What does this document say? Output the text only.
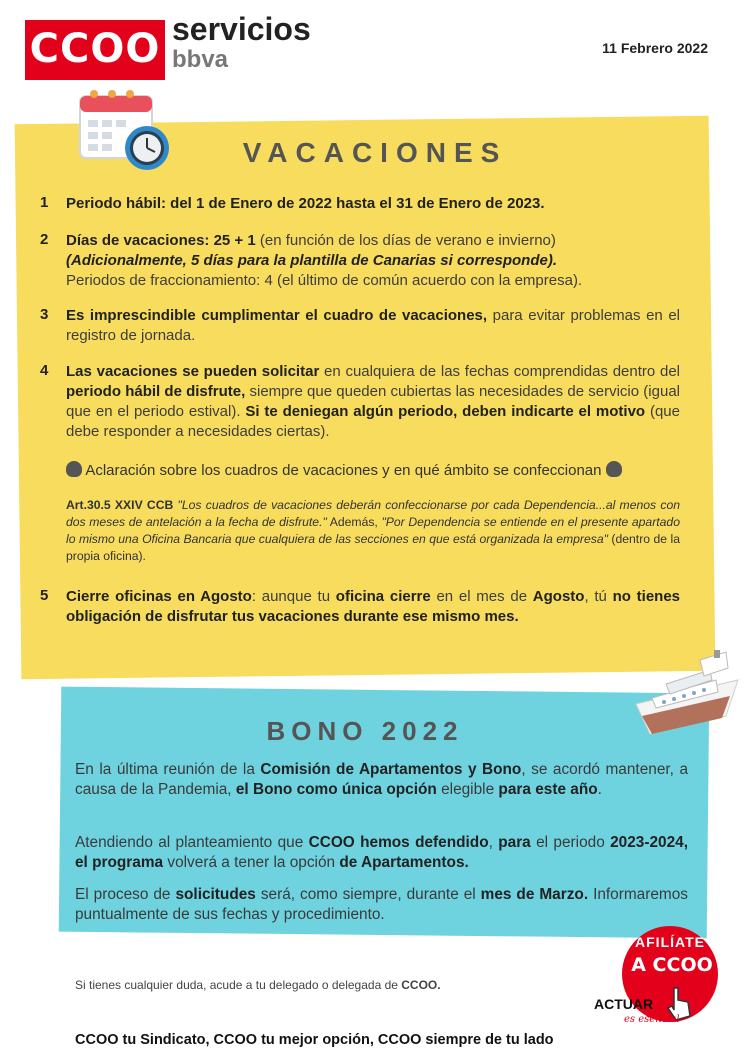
CCOO servicios
bbva	11 Febrero 2022
VACACIONES
1	Periodo hábil: del 1 de Enero de 2022 hasta el 31 de Enero de 2023.
2	Días de vacaciones: 25 + 1 (en función de los días de verano e invierno)
(Adicionalmente, 5 días para la plantilla de Canarias si corresponde).
Periodos de fraccionamiento: 4 (el último de común acuerdo con la empresa).
3	Es imprescindible cumplimentar el cuadro de vacaciones, para evitar problemas en el registro de jornada.
4	Las vacaciones se pueden solicitar en cualquiera de las fechas comprendidas dentro del periodo hábil de disfrute, siempre que queden cubiertas las necesidades de servicio (igual que en el periodo estival). Si te deniegan algún periodo, deben indicarte el motivo (que debe responder a necesidades ciertas).
Aclaración sobre los cuadros de vacaciones y en qué ámbito se confeccionan
Art.30.5 XXIV CCB "Los cuadros de vacaciones deberán confeccionarse por cada Dependencia...al menos con dos meses de antelación a la fecha de disfrute." Además, "Por Dependencia se entiende en el presente apartado lo mismo una Oficina Bancaria que cualquiera de las secciones en que está organizada la empresa" (dentro de la propia oficina).
5	Cierre oficinas en Agosto: aunque tu oficina cierre en el mes de Agosto, tú no tienes obligación de disfrutar tus vacaciones durante ese mismo mes.
BONO 2022
En la última reunión de la Comisión de Apartamentos y Bono, se acordó mantener, a causa de la Pandemia, el Bono como única opción elegible para este año.
Atendiendo al planteamiento que CCOO hemos defendido, para el periodo 2023-2024, el programa volverá a tener la opción de Apartamentos.
El proceso de solicitudes será, como siempre, durante el mes de Marzo. Informaremos puntualmente de sus fechas y procedimiento.
Si tienes cualquier duda, acude a tu delegado o delegada de CCOO.
CCOO tu Sindicato, CCOO tu mejor opción, CCOO siempre de tu lado
AFILÍATE
A CCOO
ACTUAR
es esencial
